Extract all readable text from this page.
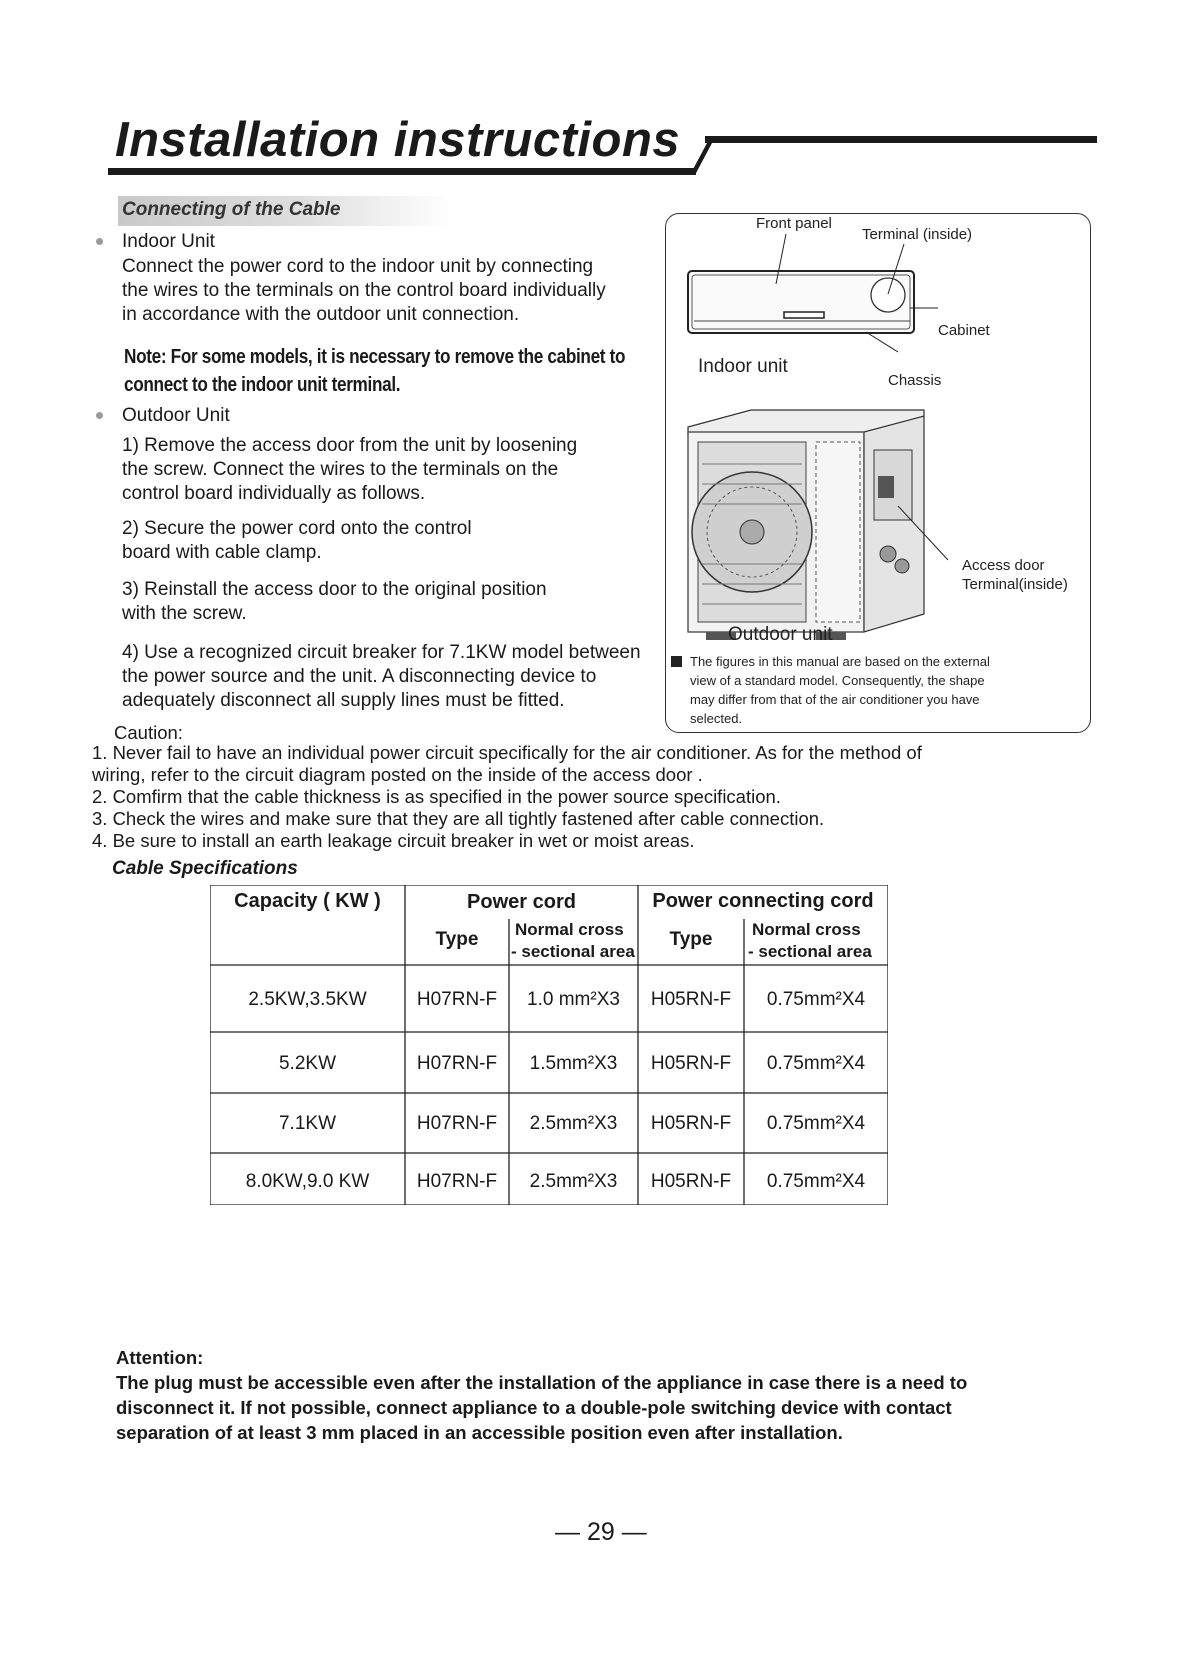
Installation instructions
Connecting of the Cable
Indoor Unit
Connect the power cord to the indoor unit by connecting
the wires to the terminals on the control board individually
in accordance with the outdoor unit connection.
Note: For some models, it is necessary to remove the cabinet to
connect to the indoor unit terminal.
Outdoor Unit
1) Remove the access door from the unit by loosening
the screw. Connect the wires to the terminals on the
control board individually as follows.
2) Secure the power cord onto the control
board with cable clamp.
3) Reinstall the access door to the original position
with the screw.
4) Use a recognized circuit breaker for 7.1KW model between
the power source and the unit. A disconnecting device to
adequately disconnect all supply lines must be fitted.
Front panel
Terminal (inside)
Cabinet
Indoor unit
Chassis
Access door
Terminal(inside)
Outdoor unit
The figures in this manual are based on the external
view of a standard model. Consequently, the shape
may differ from that of the air conditioner you have
selected.
Caution:
1. Never fail to have an individual power circuit specifically for the air conditioner. As for the method of
wiring, refer to the circuit diagram posted on the inside of the access door .
2. Comfirm that the cable thickness is as specified in the power source specification.
3. Check the wires and make sure that they are all tightly fastened after cable connection.
4. Be sure to install an earth leakage circuit breaker in wet or moist areas.
Cable Specifications
Capacity ( KW )	Power cord	Power connecting cord
Type	Normal cross
- sectional area
Type	Normal cross
- sectional area
2.5KW,3.5KW	H07RN-F	1.0 mm²X3	H05RN-F	0.75mm²X4
5.2KW	H07RN-F	1.5mm²X3	H05RN-F	0.75mm²X4
7.1KW	H07RN-F	2.5mm²X3	H05RN-F	0.75mm²X4
8.0KW,9.0 KW	H07RN-F	2.5mm²X3	H05RN-F	0.75mm²X4
Attention:
The plug must be accessible even after the installation of the appliance in case there is a need to
disconnect it. If not possible, connect appliance to a double-pole switching device with contact
separation of at least 3 mm placed in an accessible position even after installation.
— 29 —
